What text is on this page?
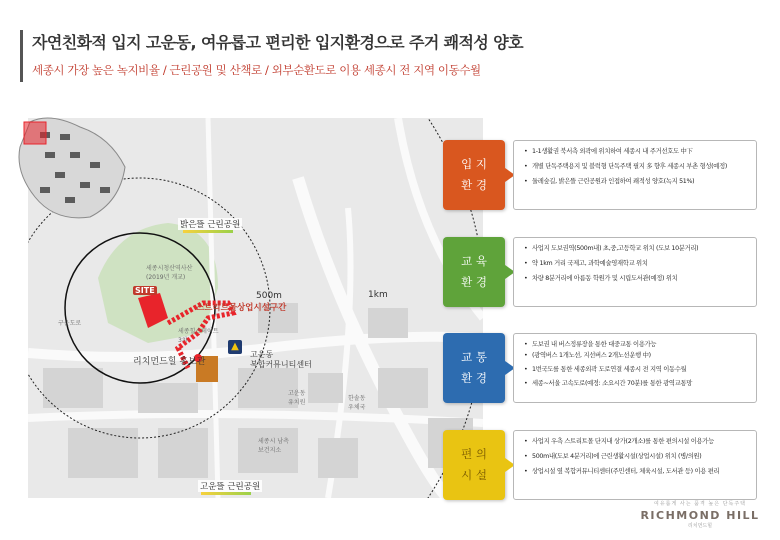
자연친화적 입지 고운동, 여유롭고 편리한 입지환경으로 주거 쾌적성 양호
세종시 가장 높은 녹지비율 / 근린공원 및 산책로 / 외부순환도로 이용 세종시 전 지역 이동수월
밝은뜰 근린공원
고운뜰 근린공원
SITE
스트리트몰상업시설구간
리치먼드힐 홍보관
▲
고운동
복합커뮤니티센터
500m	1km
세종시청산역사산
(2019년 개교)
세종힐스테이트
3차
구운도로
고운동
유치원
한솔동
우체국
세종시 남측
보건지소
입 지
환 경
• 1-1생활권 북서측 외곽에 위치하여 세종시 내 주거선호도 中下
• 개별 단독주택용지 및 블럭형 단독주택 필지 多 향후 세종시 부촌 형성(예정)
• 둘레숲길, 밝은뜰 근린공원과 인접하여 쾌적성 양호(녹지 51%)
교 육
환 경
• 사업지 도보권역(500m내) 초,중,고등학교 위치 (도보 10분거리)
• 약 1km 거리 국제고, 과학예술영재학교 위치
• 차량 8분거리에 아름동 학원가 및 시립도서관(예정) 위치
교 통
환 경
• 도보권 내 버스정류장을 통한 대중교통 이용가능
• (광역버스 1개노선, 지선버스 2개노선운행 中)
• 1번국도를 통한 세종외곽 도로연결 세종시 전 지역 이동수월
• 세종~서울 고속도로(예정: 소요시간 70분)를 통한 광역교통망
편 의
시 설
• 사업지 우측 스트리트몰 단지내 상가(2개소)를 통한 편의시설 이용가능
• 500m내(도보 4분거리)에 근린생활시설(상업시설) 위치 (병/의원)
• 상업시설 옆 복합커뮤니티센터(주민센터, 체육시설, 도서관 등) 이용 편리
여유롭게 사는 품격 높은 단독주택
RICHMOND HILL
리치먼드힐
